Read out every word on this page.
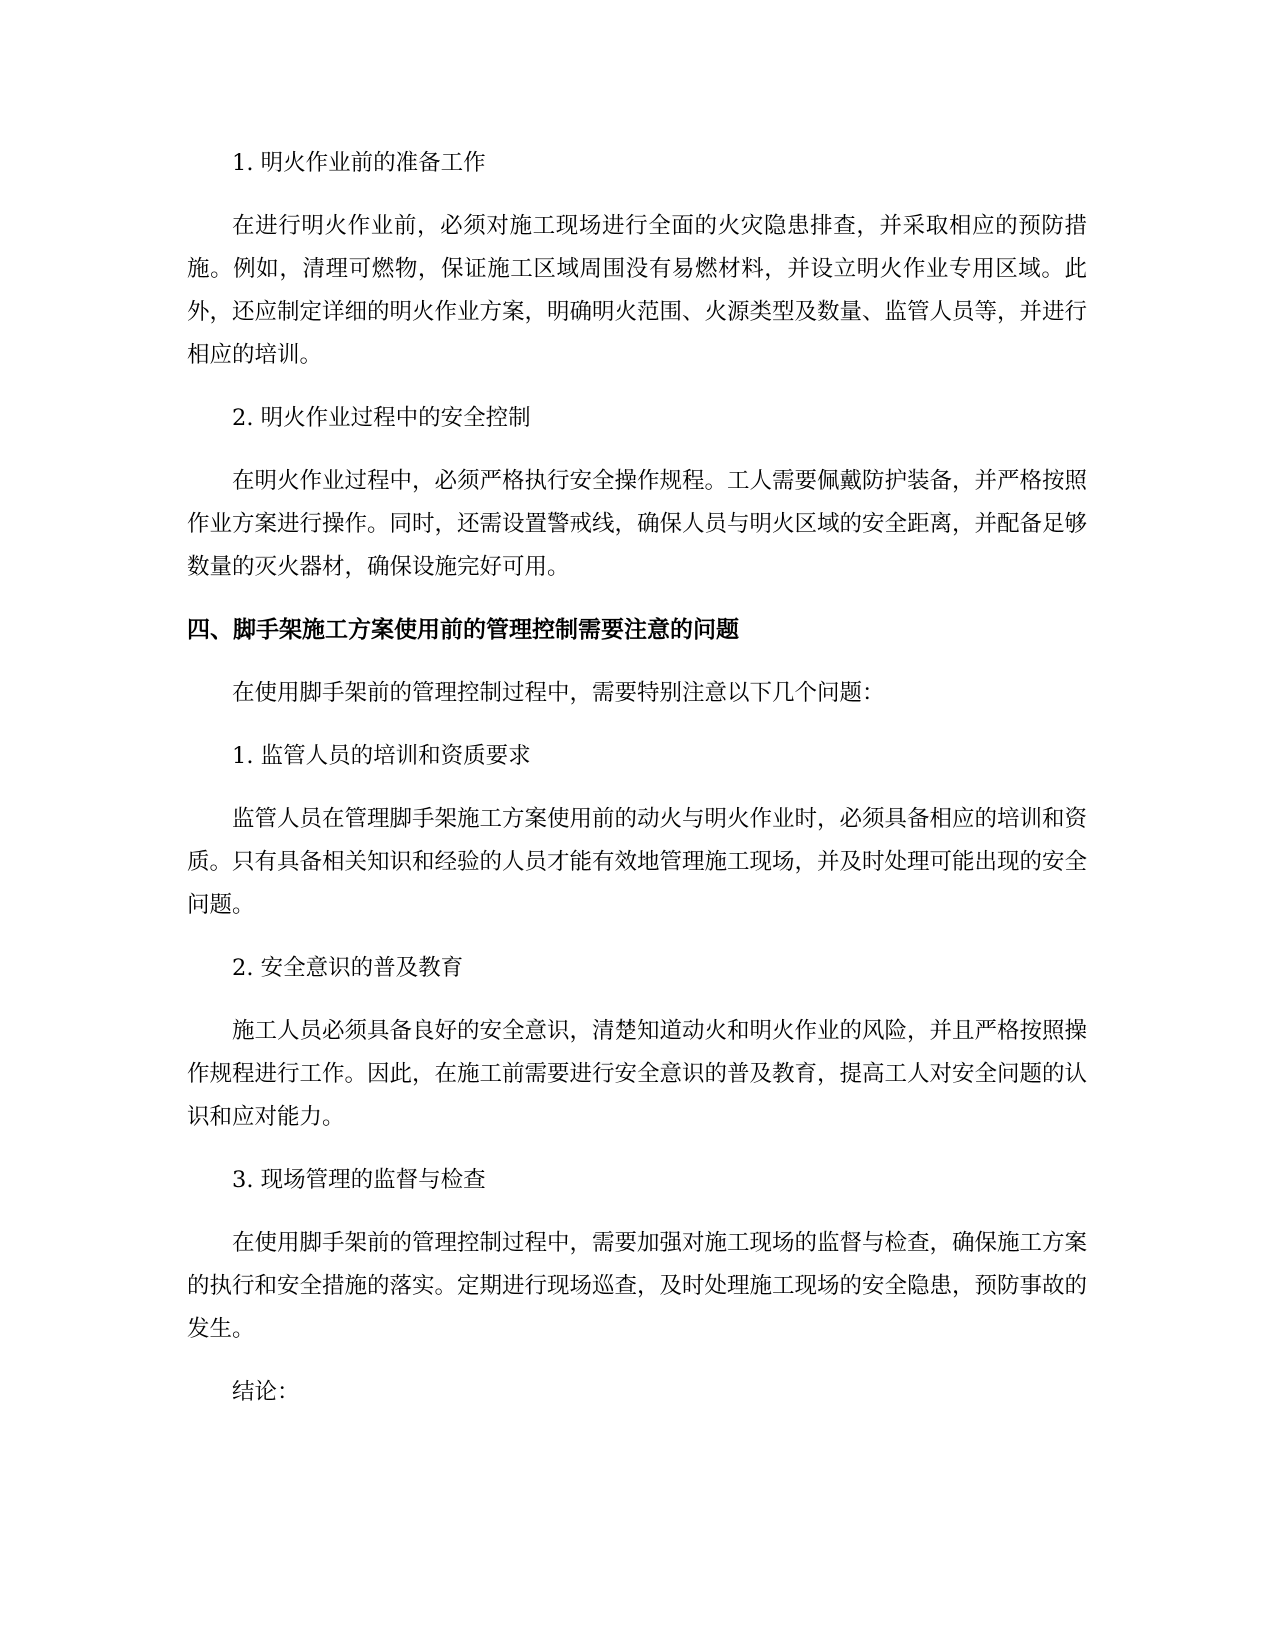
1. 明火作业前的准备工作

在进行明火作业前，必须对施工现场进行全面的火灾隐患排查，并采取相应的预防措施。例如，清理可燃物，保证施工区域周围没有易燃材料，并设立明火作业专用区域。此外，还应制定详细的明火作业方案，明确明火范围、火源类型及数量、监管人员等，并进行相应的培训。

2. 明火作业过程中的安全控制

在明火作业过程中，必须严格执行安全操作规程。工人需要佩戴防护装备，并严格按照作业方案进行操作。同时，还需设置警戒线，确保人员与明火区域的安全距离，并配备足够数量的灭火器材，确保设施完好可用。

四、脚手架施工方案使用前的管理控制需要注意的问题

在使用脚手架前的管理控制过程中，需要特别注意以下几个问题：

1. 监管人员的培训和资质要求

监管人员在管理脚手架施工方案使用前的动火与明火作业时，必须具备相应的培训和资质。只有具备相关知识和经验的人员才能有效地管理施工现场，并及时处理可能出现的安全问题。

2. 安全意识的普及教育

施工人员必须具备良好的安全意识，清楚知道动火和明火作业的风险，并且严格按照操作规程进行工作。因此，在施工前需要进行安全意识的普及教育，提高工人对安全问题的认识和应对能力。

3. 现场管理的监督与检查

在使用脚手架前的管理控制过程中，需要加强对施工现场的监督与检查，确保施工方案的执行和安全措施的落实。定期进行现场巡查，及时处理施工现场的安全隐患，预防事故的发生。

结论：
